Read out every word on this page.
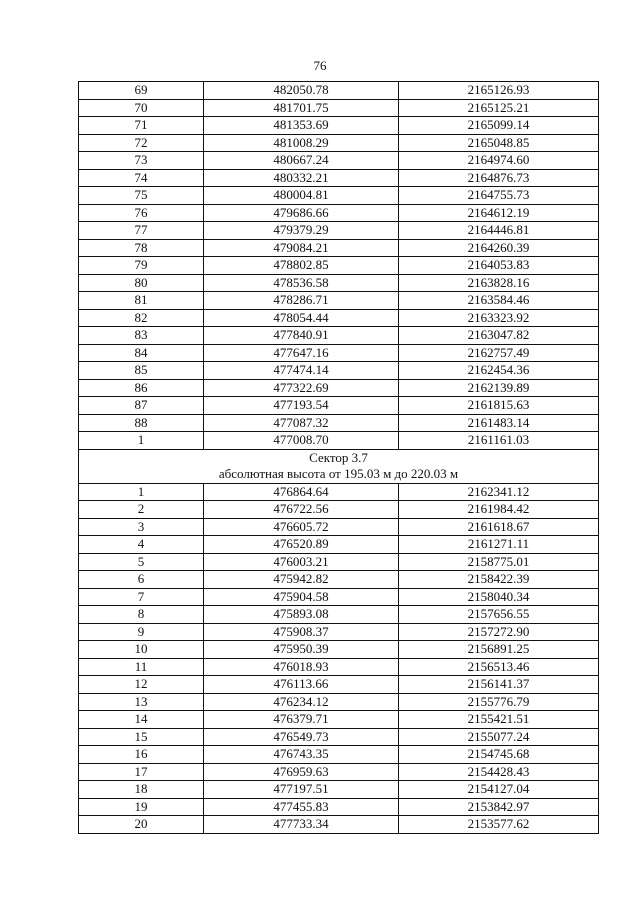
76
69	482050.78	2165126.93
70	481701.75	2165125.21
71	481353.69	2165099.14
72	481008.29	2165048.85
73	480667.24	2164974.60
74	480332.21	2164876.73
75	480004.81	2164755.73
76	479686.66	2164612.19
77	479379.29	2164446.81
78	479084.21	2164260.39
79	478802.85	2164053.83
80	478536.58	2163828.16
81	478286.71	2163584.46
82	478054.44	2163323.92
83	477840.91	2163047.82
84	477647.16	2162757.49
85	477474.14	2162454.36
86	477322.69	2162139.89
87	477193.54	2161815.63
88	477087.32	2161483.14
1	477008.70	2161161.03

Сектор 3.7
абсолютная высота от 195.03 м до 220.03 м		

1	476864.64	2162341.12
2	476722.56	2161984.42
3	476605.72	2161618.67
4	476520.89	2161271.11
5	476003.21	2158775.01
6	475942.82	2158422.39
7	475904.58	2158040.34
8	475893.08	2157656.55
9	475908.37	2157272.90
10	475950.39	2156891.25
11	476018.93	2156513.46
12	476113.66	2156141.37
13	476234.12	2155776.79
14	476379.71	2155421.51
15	476549.73	2155077.24
16	476743.35	2154745.68
17	476959.63	2154428.43
18	477197.51	2154127.04
19	477455.83	2153842.97
20	477733.34	2153577.62
